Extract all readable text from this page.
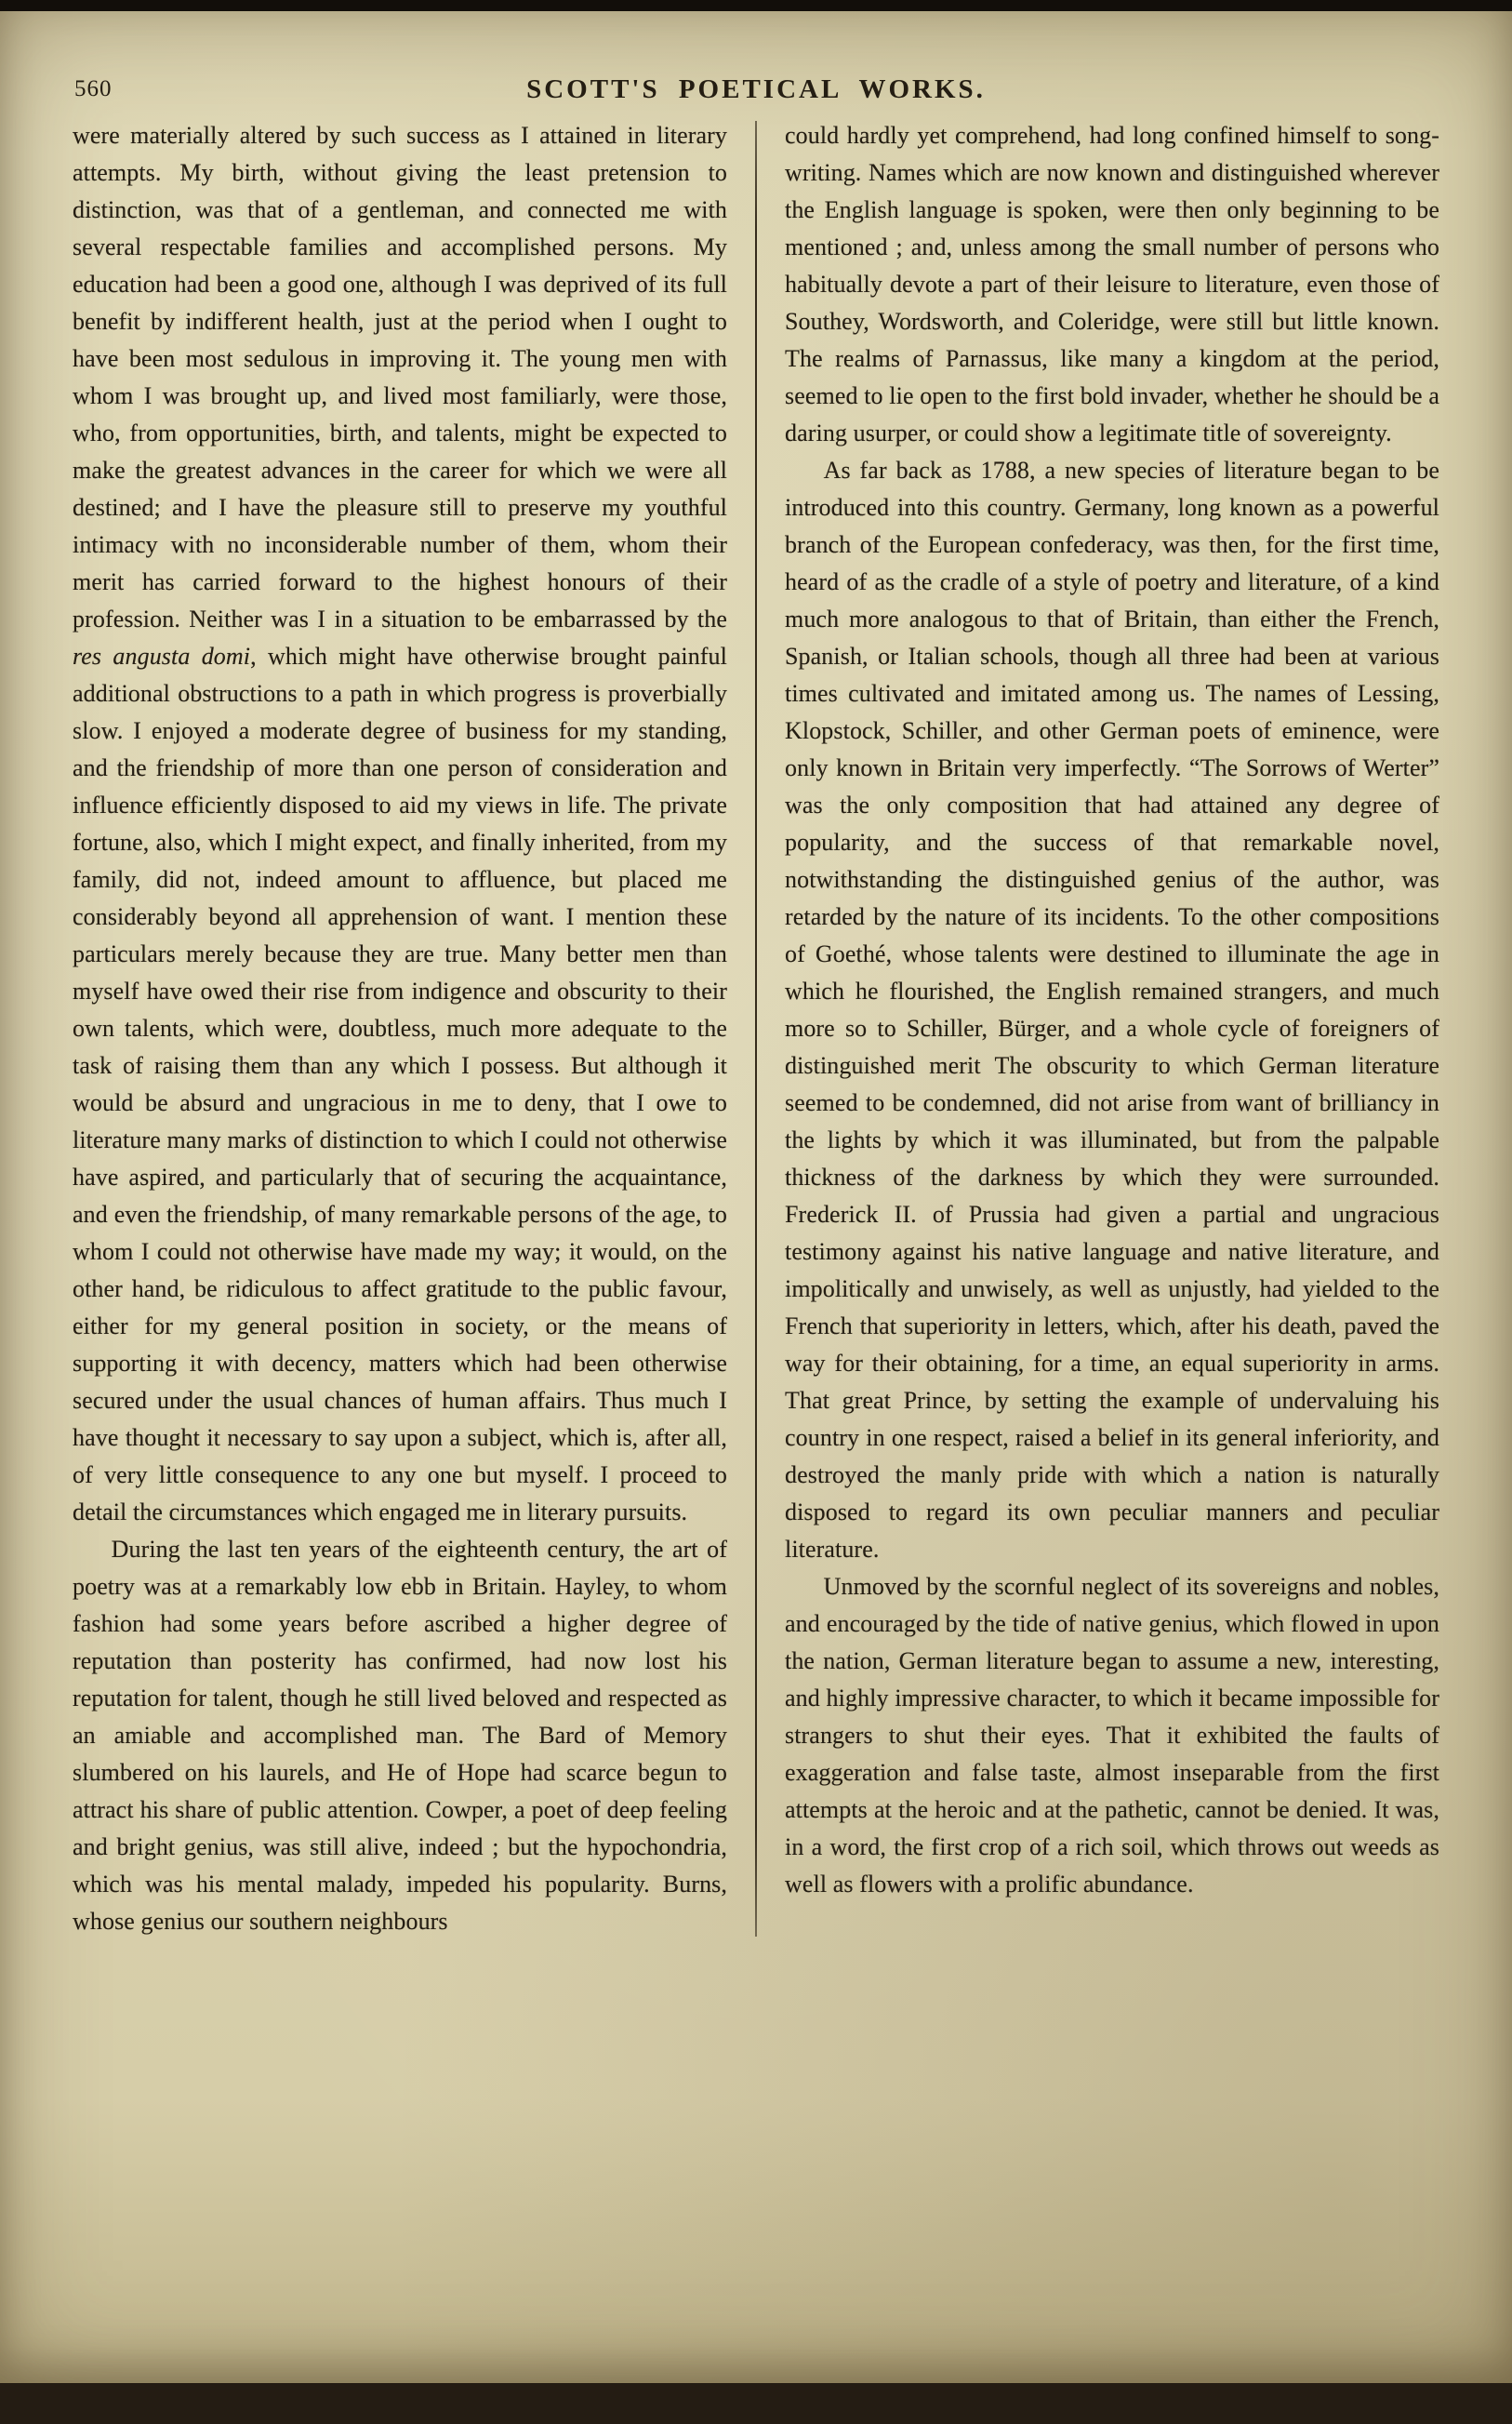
560	SCOTT'S POETICAL WORKS.

were materially altered by such success as I attained in literary attempts. My birth, without giving the least pretension to distinction, was that of a gentleman, and connected me with several respectable families and accomplished persons. My education had been a good one, although I was deprived of its full benefit by indifferent health, just at the period when I ought to have been most sedulous in improving it. The young men with whom I was brought up, and lived most familiarly, were those, who, from opportunities, birth, and talents, might be expected to make the greatest advances in the career for which we were all destined; and I have the pleasure still to preserve my youthful intimacy with no inconsiderable number of them, whom their merit has carried forward to the highest honours of their profession. Neither was I in a situation to be embarrassed by the res angusta domi, which might have otherwise brought painful additional obstructions to a path in which progress is proverbially slow. I enjoyed a moderate degree of business for my standing, and the friendship of more than one person of consideration and influence efficiently disposed to aid my views in life. The private fortune, also, which I might expect, and finally inherited, from my family, did not, indeed amount to affluence, but placed me considerably beyond all apprehension of want. I mention these particulars merely because they are true. Many better men than myself have owed their rise from indigence and obscurity to their own talents, which were, doubtless, much more adequate to the task of raising them than any which I possess. But although it would be absurd and ungracious in me to deny, that I owe to literature many marks of distinction to which I could not otherwise have aspired, and particularly that of securing the acquaintance, and even the friendship, of many remarkable persons of the age, to whom I could not otherwise have made my way; it would, on the other hand, be ridiculous to affect gratitude to the public favour, either for my general position in society, or the means of supporting it with decency, matters which had been otherwise secured under the usual chances of human affairs. Thus much I have thought it necessary to say upon a subject, which is, after all, of very little consequence to any one but myself. I proceed to detail the circumstances which engaged me in literary pursuits.

During the last ten years of the eighteenth century, the art of poetry was at a remarkably low ebb in Britain. Hayley, to whom fashion had some years before ascribed a higher degree of reputation than posterity has confirmed, had now lost his reputation for talent, though he still lived beloved and respected as an amiable and accomplished man. The Bard of Memory slumbered on his laurels, and He of Hope had scarce begun to attract his share of public attention. Cowper, a poet of deep feeling and bright genius, was still alive, indeed ; but the hypochondria, which was his mental malady, impeded his popularity. Burns, whose genius our southern neighbours

could hardly yet comprehend, had long confined himself to song-writing. Names which are now known and distinguished wherever the English language is spoken, were then only beginning to be mentioned ; and, unless among the small number of persons who habitually devote a part of their leisure to literature, even those of Southey, Wordsworth, and Coleridge, were still but little known. The realms of Parnassus, like many a kingdom at the period, seemed to lie open to the first bold invader, whether he should be a daring usurper, or could show a legitimate title of sovereignty.

As far back as 1788, a new species of literature began to be introduced into this country. Germany, long known as a powerful branch of the European confederacy, was then, for the first time, heard of as the cradle of a style of poetry and literature, of a kind much more analogous to that of Britain, than either the French, Spanish, or Italian schools, though all three had been at various times cultivated and imitated among us. The names of Lessing, Klopstock, Schiller, and other German poets of eminence, were only known in Britain very imperfectly. “The Sorrows of Werter” was the only composition that had attained any degree of popularity, and the success of that remarkable novel, notwithstanding the distinguished genius of the author, was retarded by the nature of its incidents. To the other compositions of Goethé, whose talents were destined to illuminate the age in which he flourished, the English remained strangers, and much more so to Schiller, Bürger, and a whole cycle of foreigners of distinguished merit The obscurity to which German literature seemed to be condemned, did not arise from want of brilliancy in the lights by which it was illuminated, but from the palpable thickness of the darkness by which they were surrounded. Frederick II. of Prussia had given a partial and ungracious testimony against his native language and native literature, and impolitically and unwisely, as well as unjustly, had yielded to the French that superiority in letters, which, after his death, paved the way for their obtaining, for a time, an equal superiority in arms. That great Prince, by setting the example of undervaluing his country in one respect, raised a belief in its general inferiority, and destroyed the manly pride with which a nation is naturally disposed to regard its own peculiar manners and peculiar literature.

Unmoved by the scornful neglect of its sovereigns and nobles, and encouraged by the tide of native genius, which flowed in upon the nation, German literature began to assume a new, interesting, and highly impressive character, to which it became impossible for strangers to shut their eyes. That it exhibited the faults of exaggeration and false taste, almost inseparable from the first attempts at the heroic and at the pathetic, cannot be denied. It was, in a word, the first crop of a rich soil, which throws out weeds as well as flowers with a prolific abundance.
